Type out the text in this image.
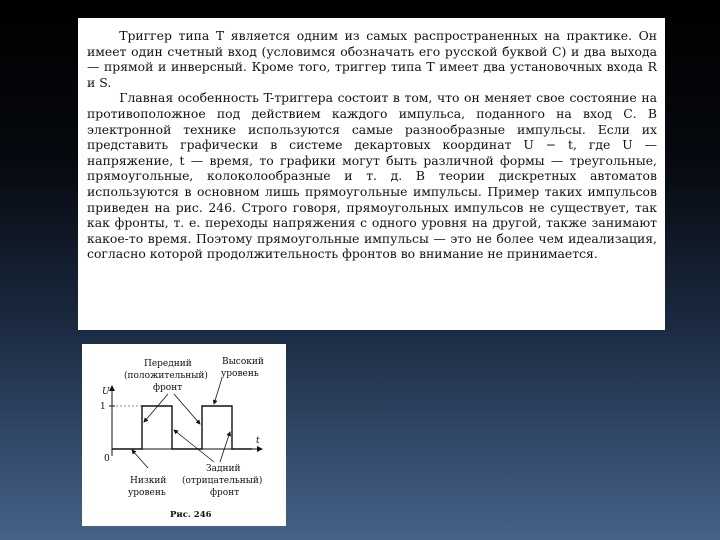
Триггер типа T является одним из самых распространенных на практике. Он имеет один счетный вход (условимся обозначать его русской буквой С) и два выхода — прямой и инверсный. Кроме того, триггер типа T имеет два установочных входа R и S.

Главная особенность T-триггера состоит в том, что он меняет свое состояние на противоположное под действием каждого импульса, поданного на вход С. В электронной технике используются самые разнообразные импульсы. Если их представить графически в системе декартовых координат U − t, где U — напряжение, t — время, то графики могут быть различной формы — треугольные, прямоугольные, колоколообразные и т. д. В теории дискретных автоматов используются в основном лишь прямоугольные импульсы. Пример таких импульсов приведен на рис. 246. Строго говоря, прямоугольных импульсов не существует, так как фронты, т. е. переходы напряжения с одного уровня на другой, также занимают какое-то время. Поэтому прямоугольные импульсы — это не более чем идеализация, согласно которой продолжительность фронтов во внимание не принимается.

Передний
(положительный)
фронт
Высокий
уровень
U
1
0
t
Задний
(отрицательный)
фронт
Низкий
уровень
Рис. 246
